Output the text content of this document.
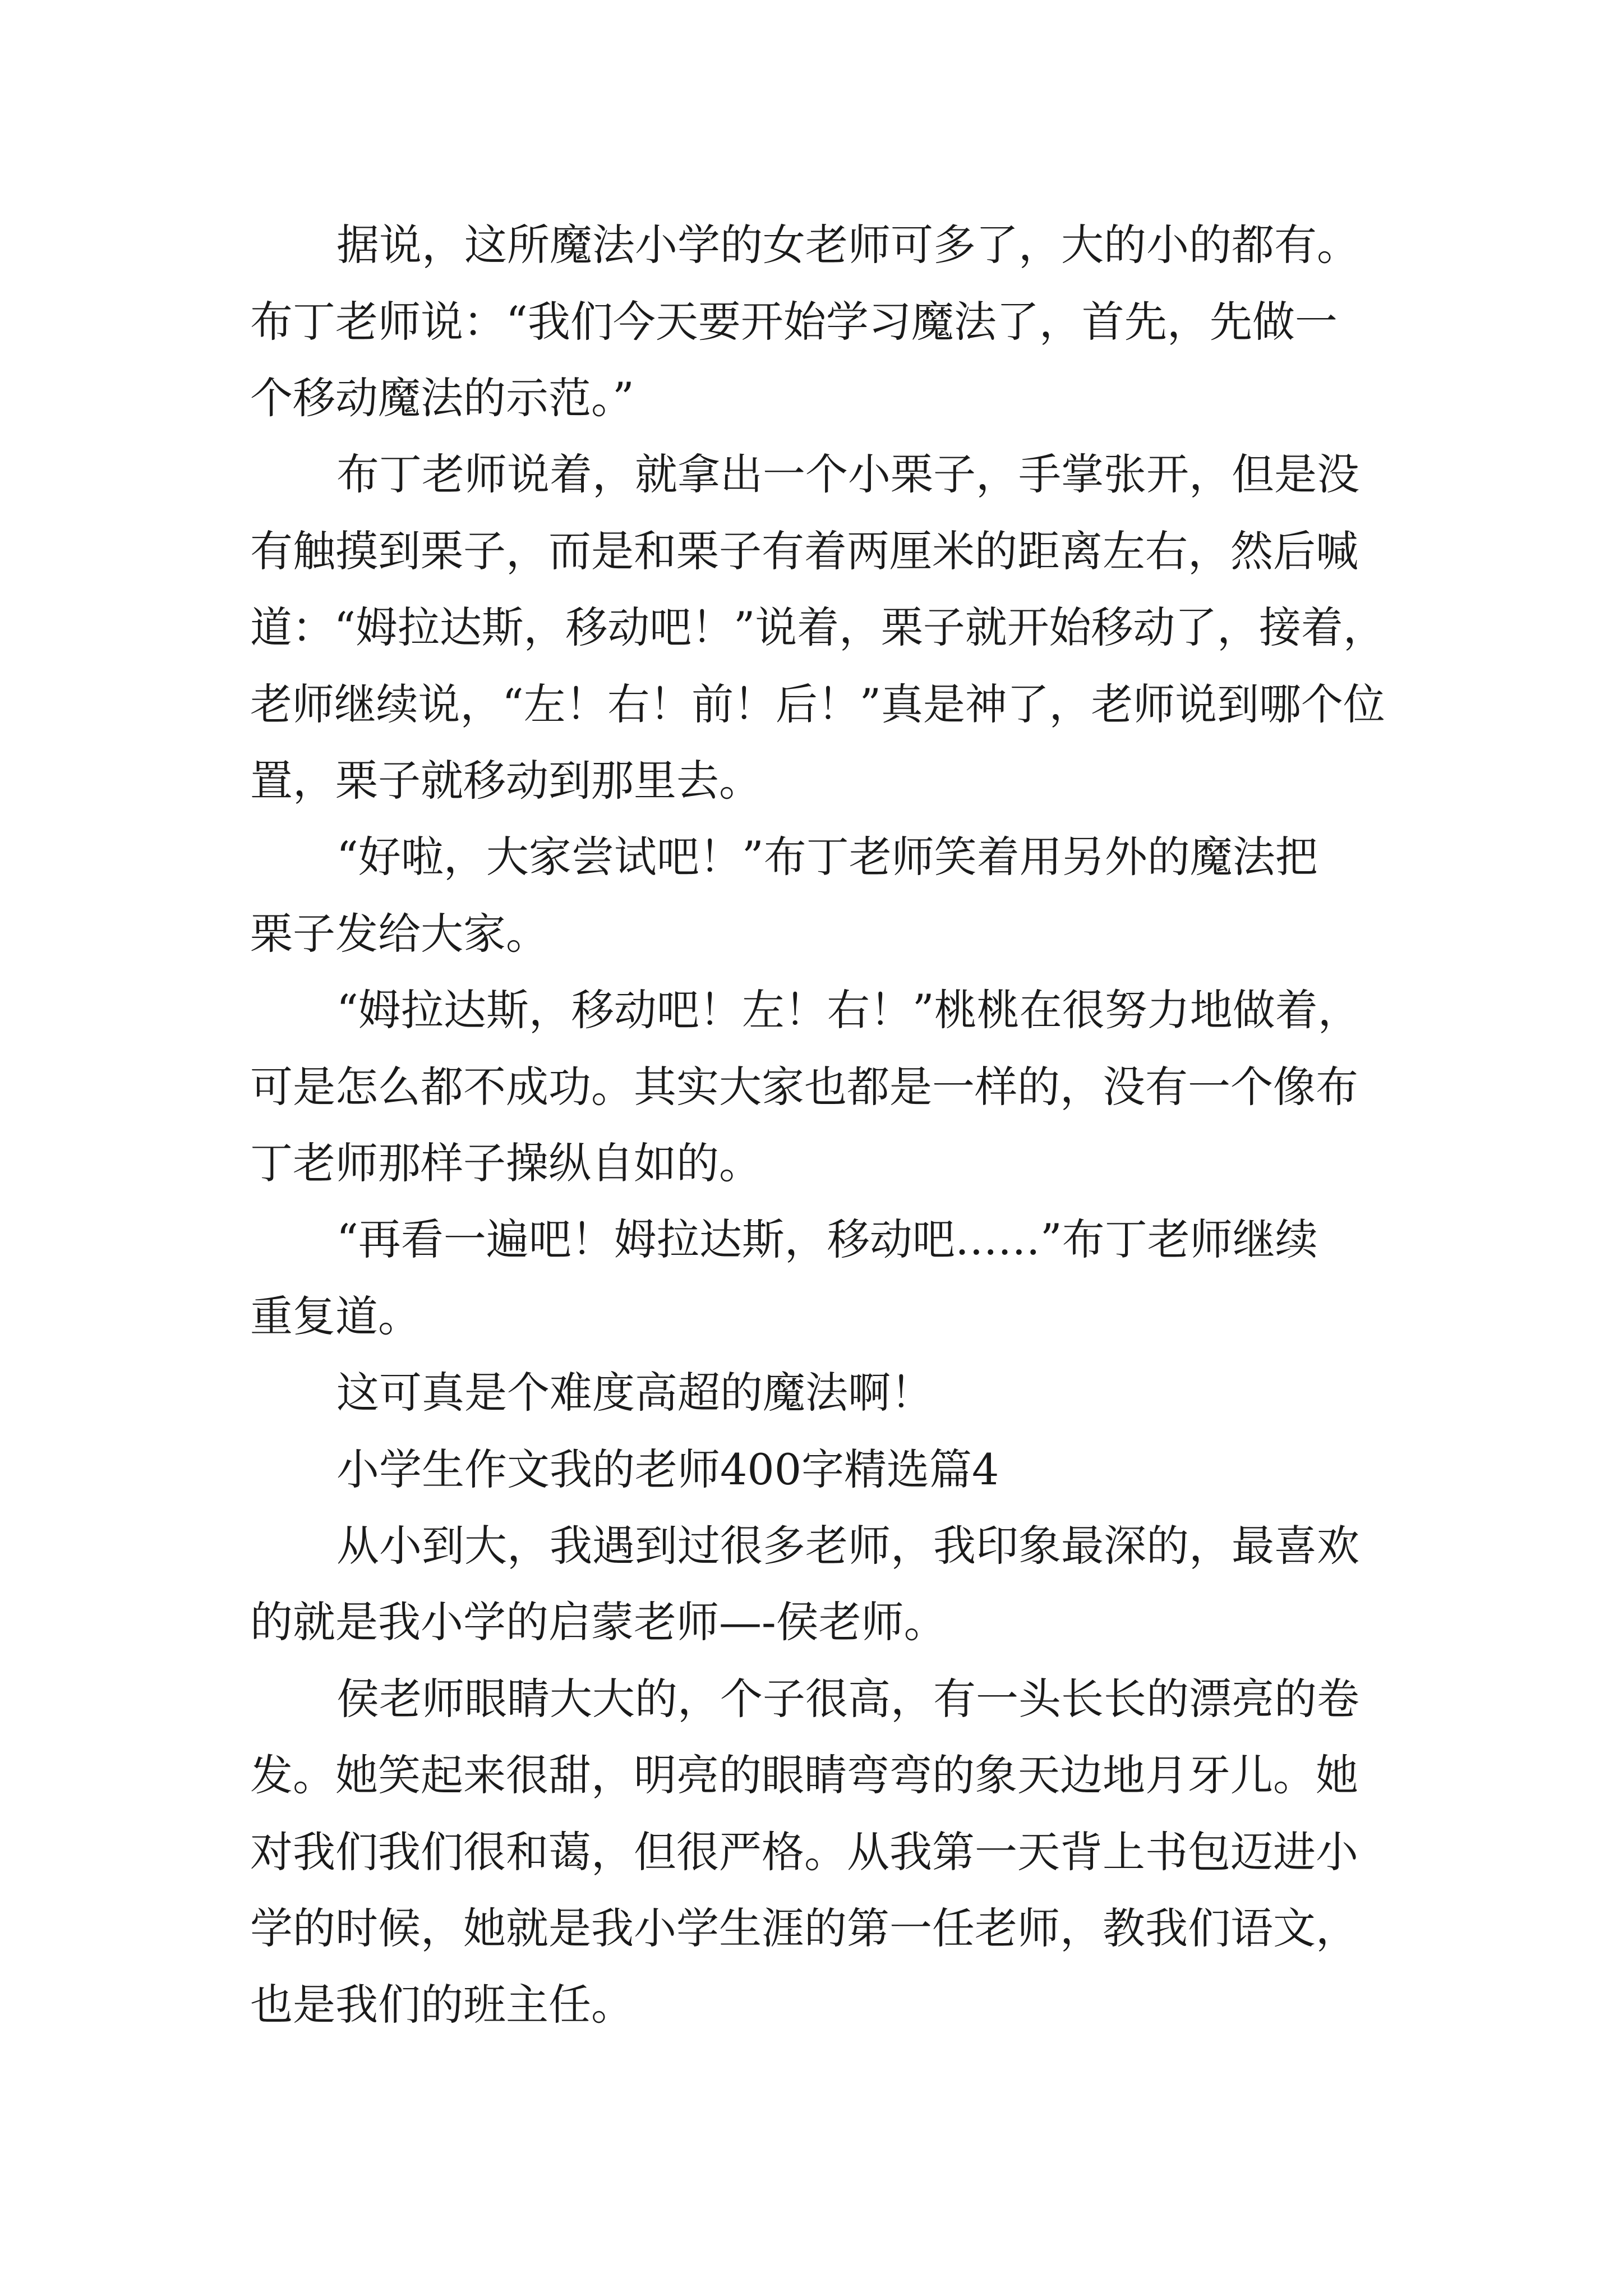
据说，这所魔法小学的女老师可多了，大的小的都有。

布丁老师说：“我们今天要开始学习魔法了，首先，先做一

个移动魔法的示范。”

布丁老师说着，就拿出一个小栗子，手掌张开，但是没

有触摸到栗子，而是和栗子有着两厘米的距离左右，然后喊

道：“姆拉达斯，移动吧！”说着，栗子就开始移动了，接着，

老师继续说，“左！右！前！后！”真是神了，老师说到哪个位

置，栗子就移动到那里去。

“好啦，大家尝试吧！”布丁老师笑着用另外的魔法把

栗子发给大家。

“姆拉达斯，移动吧！左！右！”桃桃在很努力地做着，

可是怎么都不成功。其实大家也都是一样的，没有一个像布

丁老师那样子操纵自如的。

“再看一遍吧！姆拉达斯，移动吧……”布丁老师继续

重复道。

这可真是个难度高超的魔法啊！

小学生作文我的老师400字精选篇4

从小到大，我遇到过很多老师，我印象最深的，最喜欢

的就是我小学的启蒙老师—-侯老师。

侯老师眼睛大大的，个子很高，有一头长长的漂亮的卷

发。她笑起来很甜，明亮的眼睛弯弯的象天边地月牙儿。她

对我们我们很和蔼，但很严格。从我第一天背上书包迈进小

学的时候，她就是我小学生涯的第一任老师，教我们语文，

也是我们的班主任。
